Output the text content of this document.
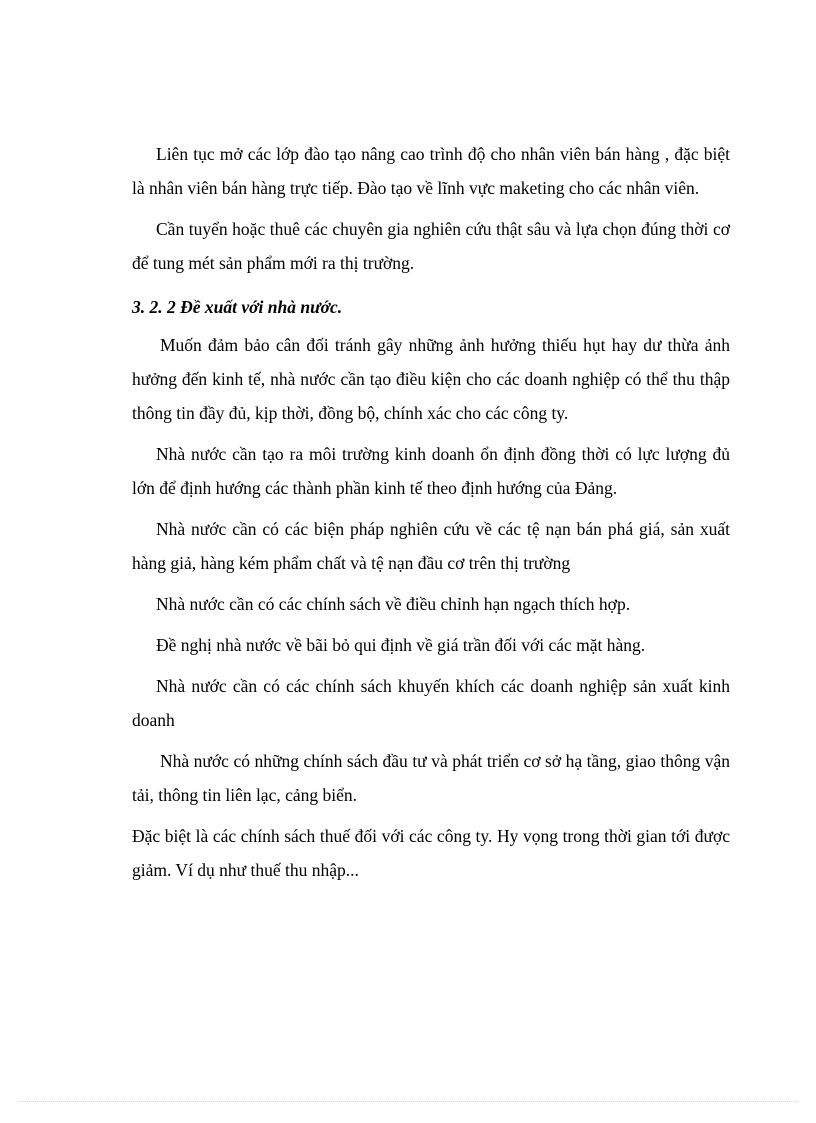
Liên tục mở các lớp đào tạo nâng cao trình độ cho nhân viên bán hàng , đặc biệt là nhân viên bán hàng trực tiếp. Đào tạo về lĩnh vực maketing cho các nhân viên.

Cần tuyển hoặc thuê các chuyên gia nghiên cứu thật sâu và lựa chọn đúng thời cơ để tung mét sản phẩm mới ra thị trường.

3. 2. 2 Đề xuất với nhà nước.

Muốn đảm bảo cân đối tránh gây những ảnh hưởng thiếu hụt hay dư thừa ảnh hưởng đến kinh tế, nhà nước cần tạo điều kiện cho các doanh nghiệp có thể thu thập thông tin đầy đủ, kịp thời, đồng bộ, chính xác cho các công ty.

Nhà nước cần tạo ra môi trường kinh doanh ổn định đồng thời có lực lượng đủ lớn để định hướng các thành phần kinh tế theo định hướng của Đảng.

Nhà nước cần có các biện pháp nghiên cứu về các tệ nạn bán phá giá, sản xuất hàng giả, hàng kém phẩm chất và tệ nạn đầu cơ trên thị trường

Nhà nước cần có các chính sách về điều chỉnh hạn ngạch thích hợp.

Đề nghị nhà nước về bãi bỏ qui định về giá trần đối với các mặt hàng.

Nhà nước cần có các chính sách khuyến khích các doanh nghiệp sản xuất kinh doanh

Nhà nước có những chính sách đầu tư và phát triển cơ sở hạ tầng, giao thông vận tải, thông tin liên lạc, cảng biển.

Đặc biệt là các chính sách thuế đối với các công ty. Hy vọng trong thời gian tới được giảm. Ví dụ như thuế thu nhập...
